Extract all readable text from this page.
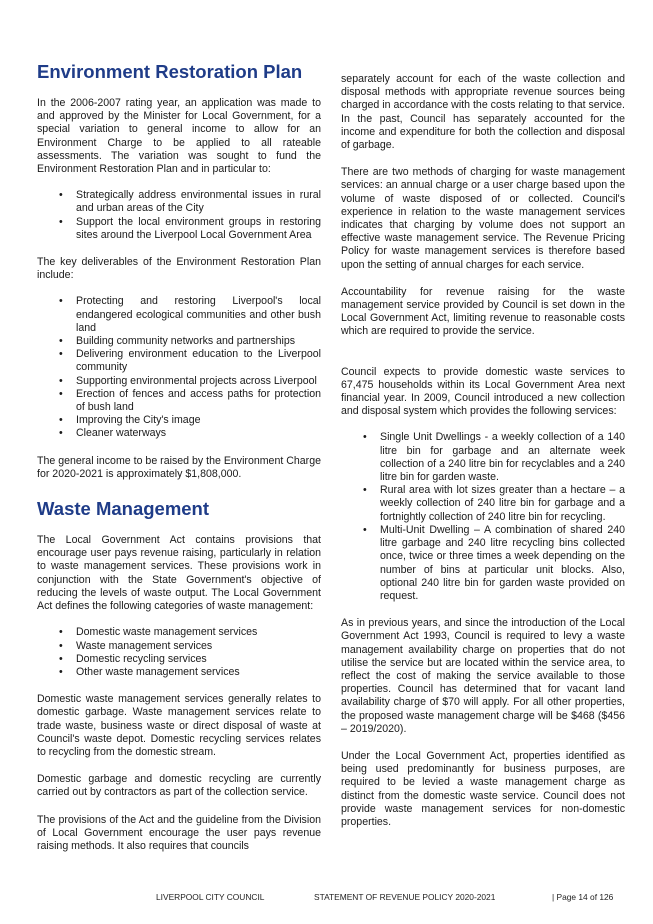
Environment Restoration Plan

In the 2006-2007 rating year, an application was made to and approved by the Minister for Local Government, for a special variation to general income to allow for an Environment Charge to be applied to all rateable assessments. The variation was sought to fund the Environment Restoration Plan and in particular to:

• Strategically address environmental issues in rural and urban areas of the City
• Support the local environment groups in restoring sites around the Liverpool Local Government Area

The key deliverables of the Environment Restoration Plan include:

• Protecting and restoring Liverpool's local endangered ecological communities and other bush land
• Building community networks and partnerships
• Delivering environment education to the Liverpool community
• Supporting environmental projects across Liverpool
• Erection of fences and access paths for protection of bush land
• Improving the City's image
• Cleaner waterways

The general income to be raised by the Environment Charge for 2020-2021 is approximately $1,808,000.

Waste Management

The Local Government Act contains provisions that encourage user pays revenue raising, particularly in relation to waste management services. These provisions work in conjunction with the State Government's objective of reducing the levels of waste output. The Local Government Act defines the following categories of waste management:

• Domestic waste management services
• Waste management services
• Domestic recycling services
• Other waste management services

Domestic waste management services generally relates to domestic garbage. Waste management services relate to trade waste, business waste or direct disposal of waste at Council's waste depot. Domestic recycling services relates to recycling from the domestic stream.

Domestic garbage and domestic recycling are currently carried out by contractors as part of the collection service.

The provisions of the Act and the guideline from the Division of Local Government encourage the user pays revenue raising methods. It also requires that councils

separately account for each of the waste collection and disposal methods with appropriate revenue sources being charged in accordance with the costs relating to that service. In the past, Council has separately accounted for the income and expenditure for both the collection and disposal of garbage.

There are two methods of charging for waste management services: an annual charge or a user charge based upon the volume of waste disposed of or collected. Council's experience in relation to the waste management services indicates that charging by volume does not support an effective waste management service. The Revenue Pricing Policy for waste management services is therefore based upon the setting of annual charges for each service.

Accountability for revenue raising for the waste management service provided by Council is set down in the Local Government Act, limiting revenue to reasonable costs which are required to provide the service.

Council expects to provide domestic waste services to 67,475 households within its Local Government Area next financial year. In 2009, Council introduced a new collection and disposal system which provides the following services:

• Single Unit Dwellings - a weekly collection of a 140 litre bin for garbage and an alternate week collection of a 240 litre bin for recyclables and a 240 litre bin for garden waste.
• Rural area with lot sizes greater than a hectare – a weekly collection of 240 litre bin for garbage and a fortnightly collection of 240 litre bin for recycling.
• Multi-Unit Dwelling – A combination of shared 240 litre garbage and 240 litre recycling bins collected once, twice or three times a week depending on the number of bins at particular unit blocks. Also, optional 240 litre bin for garden waste provided on request.

As in previous years, and since the introduction of the Local Government Act 1993, Council is required to levy a waste management availability charge on properties that do not utilise the service but are located within the service area, to reflect the cost of making the service available to those properties. Council has determined that for vacant land availability charge of $70 will apply. For all other properties, the proposed waste management charge will be $468 ($456 – 2019/2020).

Under the Local Government Act, properties identified as being used predominantly for business purposes, are required to be levied a waste management charge as distinct from the domestic waste service. Council does not provide waste management services for non-domestic properties.

LIVERPOOL CITY COUNCIL	STATEMENT OF REVENUE POLICY 2020-2021	| Page 14 of 126
